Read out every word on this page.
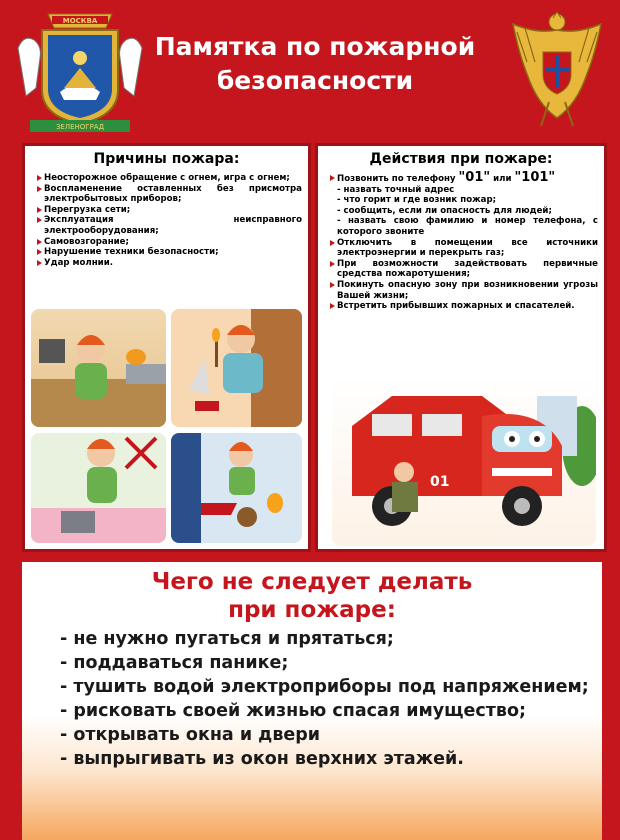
МОСКВА
ЗЕЛЕНОГРАД
Памятка по пожарной безопасности
Причины пожара:
Неосторожное обращение с огнем, игра с огнем;
Воспламенение оставленных без присмотра электробытовых приборов;
Перегрузка сети;
Эксплуатация неисправного электрооборудования;
Самовозгорание;
Нарушение техники безопасности;
Удар молнии.
Действия при пожаре:
Позвонить по телефону "01" или "101"
- назвать точный адрес
- что горит и где возник пожар;
- сообщить, если ли опасность для людей;
- назвать свою фамилию и номер телефона, с которого звоните
Отключить в помещении все источники электроэнергии и перекрыть газ;
При возможности задействовать первичные средства пожаротушения;
Покинуть опасную зону при возникновении угрозы Вашей жизни;
Встретить прибывших пожарных и спасателей.
01
Чего не следует делать
при пожаре:
- не нужно пугаться и прятаться;
- поддаваться панике;
- тушить водой электроприборы под напряжением;
- рисковать своей жизнью спасая имущество;
- открывать окна и двери
- выпрыгивать из окон верхних этажей.
